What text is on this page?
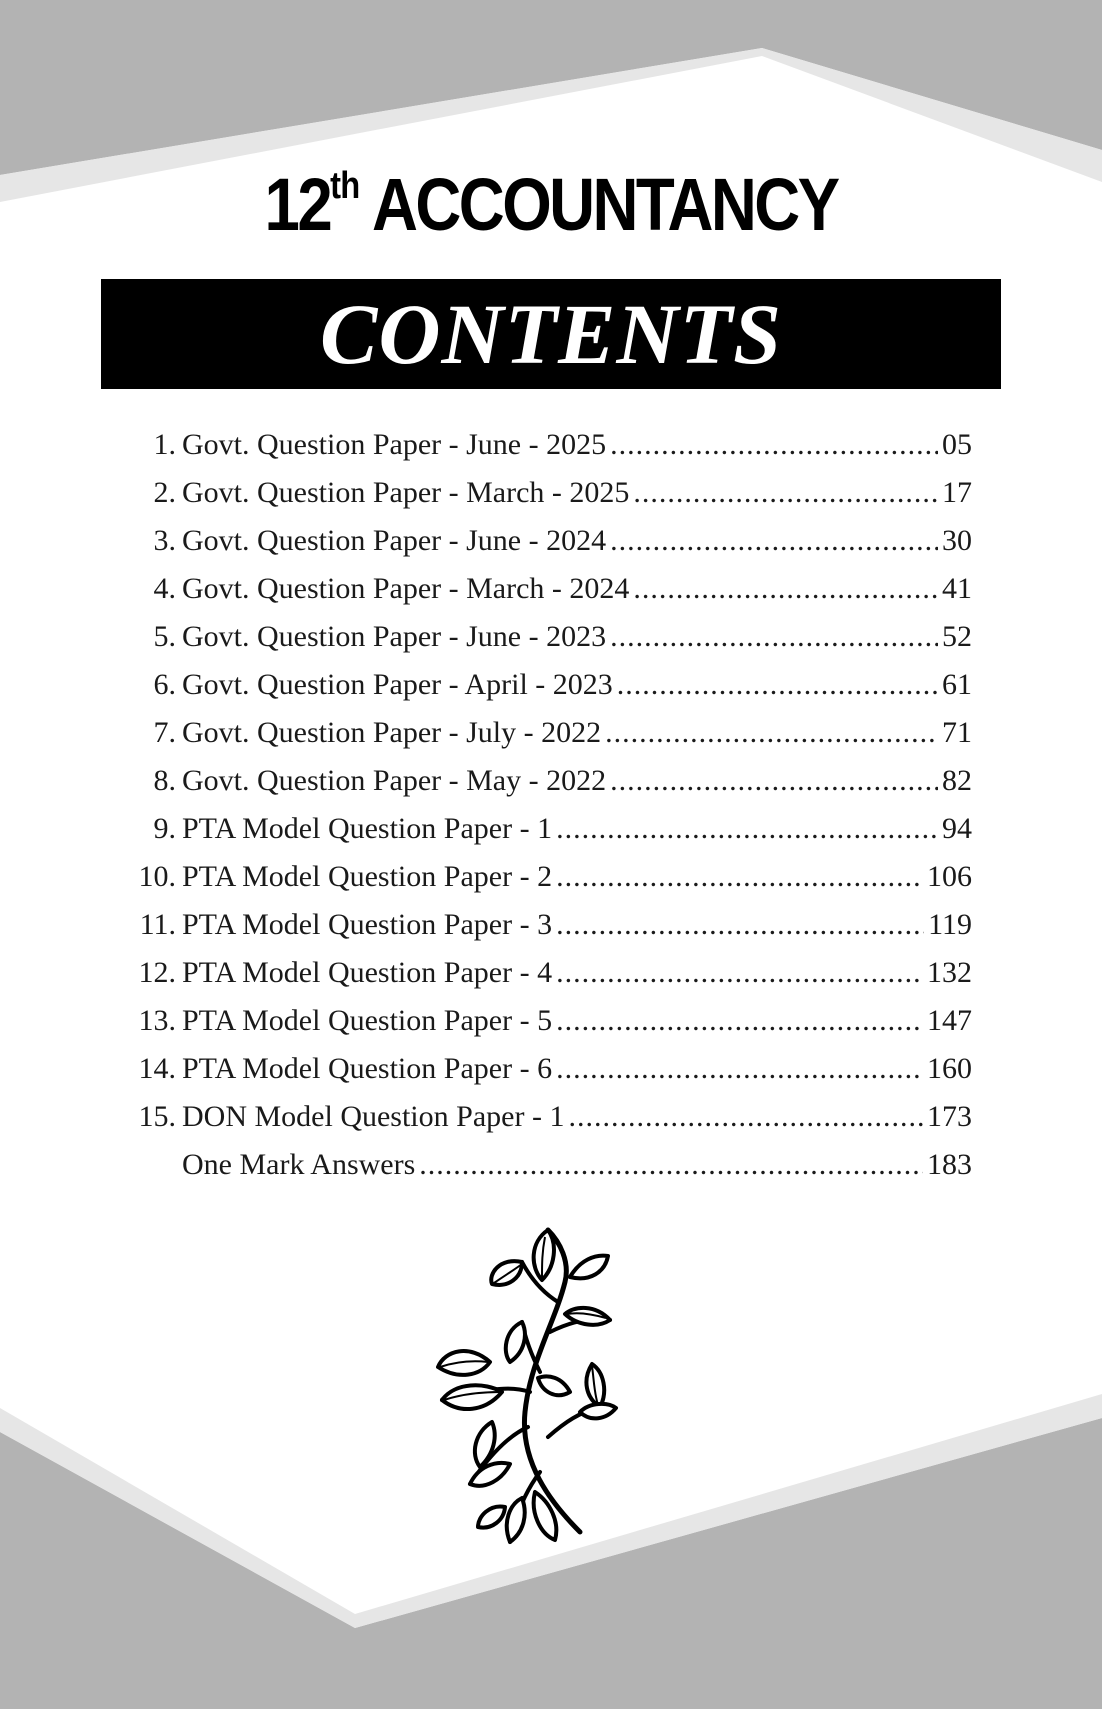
12th ACCOUNTANCY
CONTENTS
1. Govt. Question Paper - June - 2025 .....	05
2. Govt. Question Paper - March - 2025 .....	17
3. Govt. Question Paper - June - 2024 .....	30
4. Govt. Question Paper - March - 2024 .....	41
5. Govt. Question Paper - June - 2023 .....	52
6. Govt. Question Paper - April - 2023 .....	61
7. Govt. Question Paper - July - 2022 .....	71
8. Govt. Question Paper - May - 2022 .....	82
9. PTA Model Question Paper - 1 .....	94
10. PTA Model Question Paper - 2 .....	106
11. PTA Model Question Paper - 3 .....	119
12. PTA Model Question Paper - 4 .....	132
13. PTA Model Question Paper - 5 .....	147
14. PTA Model Question Paper - 6 .....	160
15. DON Model Question Paper - 1 .....	173
One Mark Answers .....	183
